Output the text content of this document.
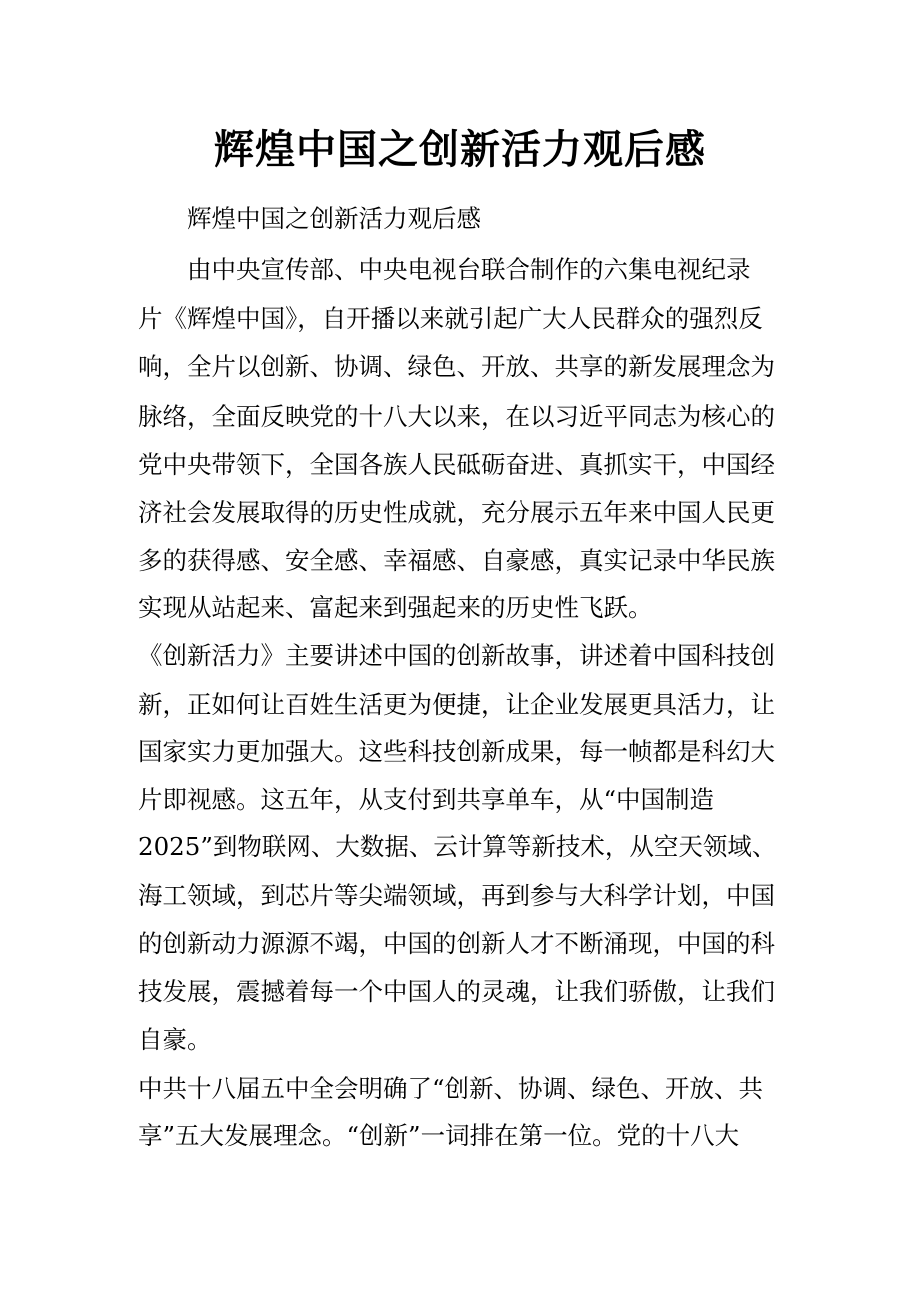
辉煌中国之创新活力观后感
辉煌中国之创新活力观后感
由中央宣传部、中央电视台联合制作的六集电视纪录
片《辉煌中国》，自开播以来就引起广大人民群众的强烈反
响，全片以创新、协调、绿色、开放、共享的新发展理念为
脉络，全面反映党的十八大以来，在以习近平同志为核心的
党中央带领下，全国各族人民砥砺奋进、真抓实干，中国经
济社会发展取得的历史性成就，充分展示五年来中国人民更
多的获得感、安全感、幸福感、自豪感，真实记录中华民族
实现从站起来、富起来到强起来的历史性飞跃。
《创新活力》主要讲述中国的创新故事，讲述着中国科技创
新，正如何让百姓生活更为便捷，让企业发展更具活力，让
国家实力更加强大。这些科技创新成果，每一帧都是科幻大
片即视感。这五年，从支付到共享单车，从“中国制造
2025”到物联网、大数据、云计算等新技术，从空天领域、
海工领域，到芯片等尖端领域，再到参与大科学计划，中国
的创新动力源源不竭，中国的创新人才不断涌现，中国的科
技发展，震撼着每一个中国人的灵魂，让我们骄傲，让我们
自豪。
中共十八届五中全会明确了“创新、协调、绿色、开放、共
享”五大发展理念。“创新”一词排在第一位。党的十八大
